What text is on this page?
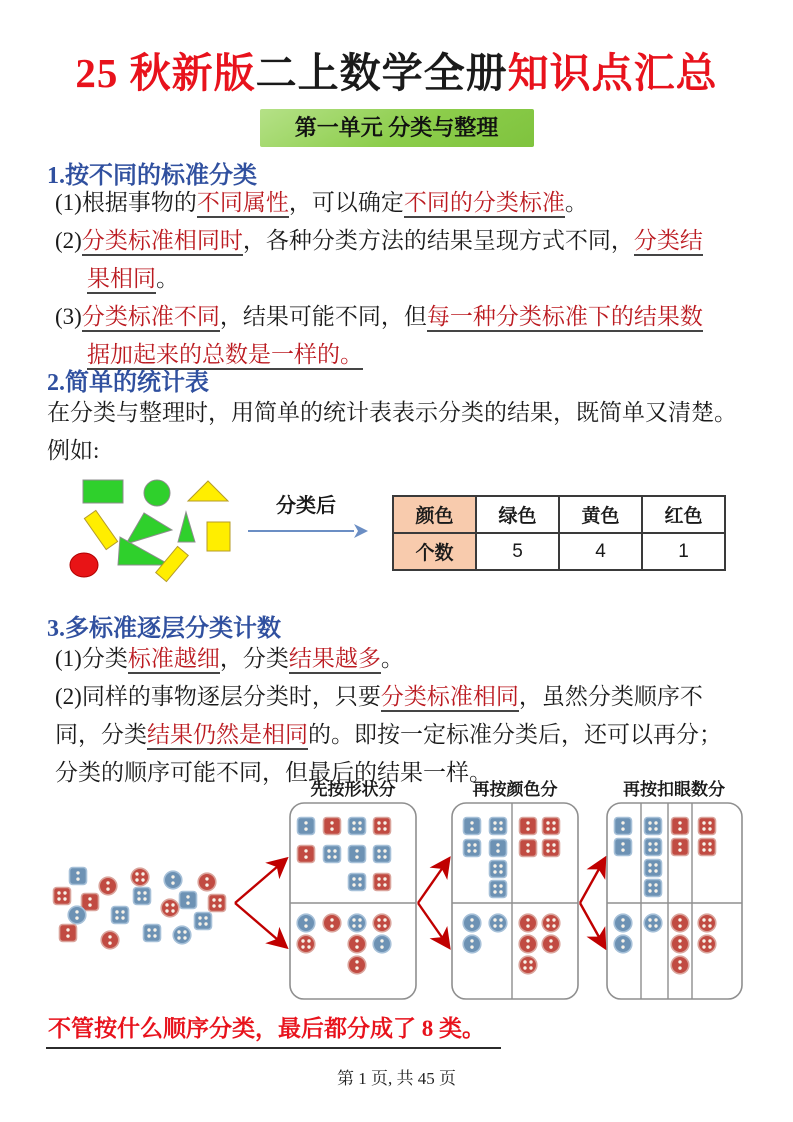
25 秋新版二上数学全册知识点汇总
第一单元 分类与整理
1.按不同的标准分类
(1)根据事物的不同属性，可以确定不同的分类标准。
(2)分类标准相同时，各种分类方法的结果呈现方式不同，分类结
果相同。
(3)分类标准不同，结果可能不同，但每一种分类标准下的结果数
据加起来的总数是一样的。
2.简单的统计表
在分类与整理时，用简单的统计表表示分类的结果，既简单又清楚。
例如:
分类后	颜色	绿色	黄色	红色
个数	5	4	1
3.多标准逐层分类计数
(1)分类标准越细，分类结果越多。
(2)同样的事物逐层分类时，只要分类标准相同，虽然分类顺序不
同，分类结果仍然是相同的。即按一定标准分类后，还可以再分；
分类的顺序可能不同，但最后的结果一样。
先按形状分	再按颜色分	再按扣眼数分
不管按什么顺序分类，最后都分成了 8 类。
第 1 页, 共 45 页
